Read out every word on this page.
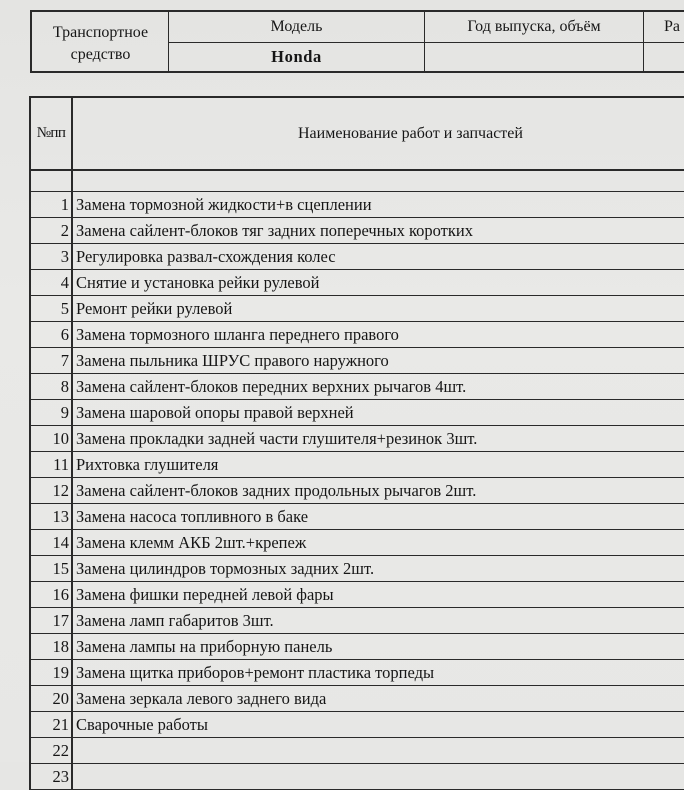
Транспортное средство
Модель
Honda
Год выпуска, объём	Ра
№пп	Наименование работ и запчастей
1 Замена тормозной жидкости+в сцеплении
2 Замена сайлент-блоков тяг задних поперечных коротких
3 Регулировка развал-схождения колес
4 Снятие и установка рейки рулевой
5 Ремонт рейки рулевой
6 Замена тормозного шланга переднего правого
7 Замена пыльника ШРУС правого наружного
8 Замена сайлент-блоков передних верхних рычагов 4шт.
9 Замена шаровой опоры правой верхней
10 Замена прокладки задней части глушителя+резинок 3шт.
11 Рихтовка глушителя
12 Замена сайлент-блоков задних продольных рычагов 2шт.
13 Замена насоса топливного в баке
14 Замена клемм АКБ 2шт.+крепеж
15 Замена цилиндров тормозных задних 2шт.
16 Замена фишки передней левой фары
17 Замена ламп габаритов 3шт.
18 Замена лампы на приборную панель
19 Замена щитка приборов+ремонт пластика торпеды
20 Замена зеркала левого заднего вида
21 Сварочные работы
22
23
